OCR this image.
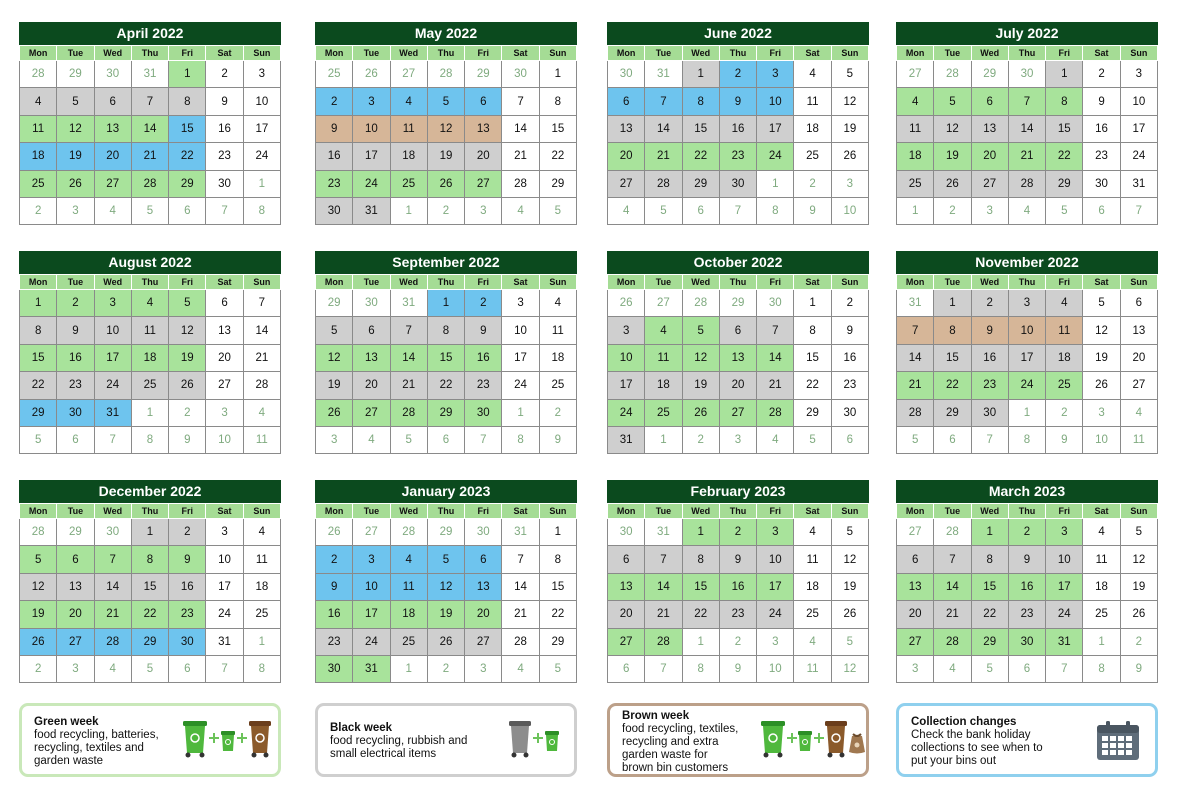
April 2022
Mon	Tue	Wed	Thu	Fri	Sat	Sun
28	29	30	31	1	2	3
4	5	6	7	8	9	10
11	12	13	14	15	16	17
18	19	20	21	22	23	24
25	26	27	28	29	30	1
2	3	4	5	6	7	8
May 2022
Mon	Tue	Wed	Thu	Fri	Sat	Sun
25	26	27	28	29	30	1
2	3	4	5	6	7	8
9	10	11	12	13	14	15
16	17	18	19	20	21	22
23	24	25	26	27	28	29
30	31	1	2	3	4	5
June 2022
Mon	Tue	Wed	Thu	Fri	Sat	Sun
30	31	1	2	3	4	5
6	7	8	9	10	11	12
13	14	15	16	17	18	19
20	21	22	23	24	25	26
27	28	29	30	1	2	3
4	5	6	7	8	9	10
July 2022
Mon	Tue	Wed	Thu	Fri	Sat	Sun
27	28	29	30	1	2	3
4	5	6	7	8	9	10
11	12	13	14	15	16	17
18	19	20	21	22	23	24
25	26	27	28	29	30	31
1	2	3	4	5	6	7
August 2022
Mon	Tue	Wed	Thu	Fri	Sat	Sun
1	2	3	4	5	6	7
8	9	10	11	12	13	14
15	16	17	18	19	20	21
22	23	24	25	26	27	28
29	30	31	1	2	3	4
5	6	7	8	9	10	11
September 2022
Mon	Tue	Wed	Thu	Fri	Sat	Sun
29	30	31	1	2	3	4
5	6	7	8	9	10	11
12	13	14	15	16	17	18
19	20	21	22	23	24	25
26	27	28	29	30	1	2
3	4	5	6	7	8	9
October 2022
Mon	Tue	Wed	Thu	Fri	Sat	Sun
26	27	28	29	30	1	2
3	4	5	6	7	8	9
10	11	12	13	14	15	16
17	18	19	20	21	22	23
24	25	26	27	28	29	30
31	1	2	3	4	5	6
November 2022
Mon	Tue	Wed	Thu	Fri	Sat	Sun
31	1	2	3	4	5	6
7	8	9	10	11	12	13
14	15	16	17	18	19	20
21	22	23	24	25	26	27
28	29	30	1	2	3	4
5	6	7	8	9	10	11
December 2022
Mon	Tue	Wed	Thu	Fri	Sat	Sun
28	29	30	1	2	3	4
5	6	7	8	9	10	11
12	13	14	15	16	17	18
19	20	21	22	23	24	25
26	27	28	29	30	31	1
2	3	4	5	6	7	8
January 2023
Mon	Tue	Wed	Thu	Fri	Sat	Sun
26	27	28	29	30	31	1
2	3	4	5	6	7	8
9	10	11	12	13	14	15
16	17	18	19	20	21	22
23	24	25	26	27	28	29
30	31	1	2	3	4	5
February 2023
Mon	Tue	Wed	Thu	Fri	Sat	Sun
30	31	1	2	3	4	5
6	7	8	9	10	11	12
13	14	15	16	17	18	19
20	21	22	23	24	25	26
27	28	1	2	3	4	5
6	7	8	9	10	11	12
March 2023
Mon	Tue	Wed	Thu	Fri	Sat	Sun
27	28	1	2	3	4	5
6	7	8	9	10	11	12
13	14	15	16	17	18	19
20	21	22	23	24	25	26
27	28	29	30	31	1	2
3	4	5	6	7	8	9
Green week
food recycling, batteries,
recycling, textiles and
garden waste
Black week
food recycling, rubbish and
small electrical items
Brown week
food recycling, textiles,
recycling and extra
garden waste for
brown bin customers
Collection changes
Check the bank holiday
collections to see when to
put your bins out
